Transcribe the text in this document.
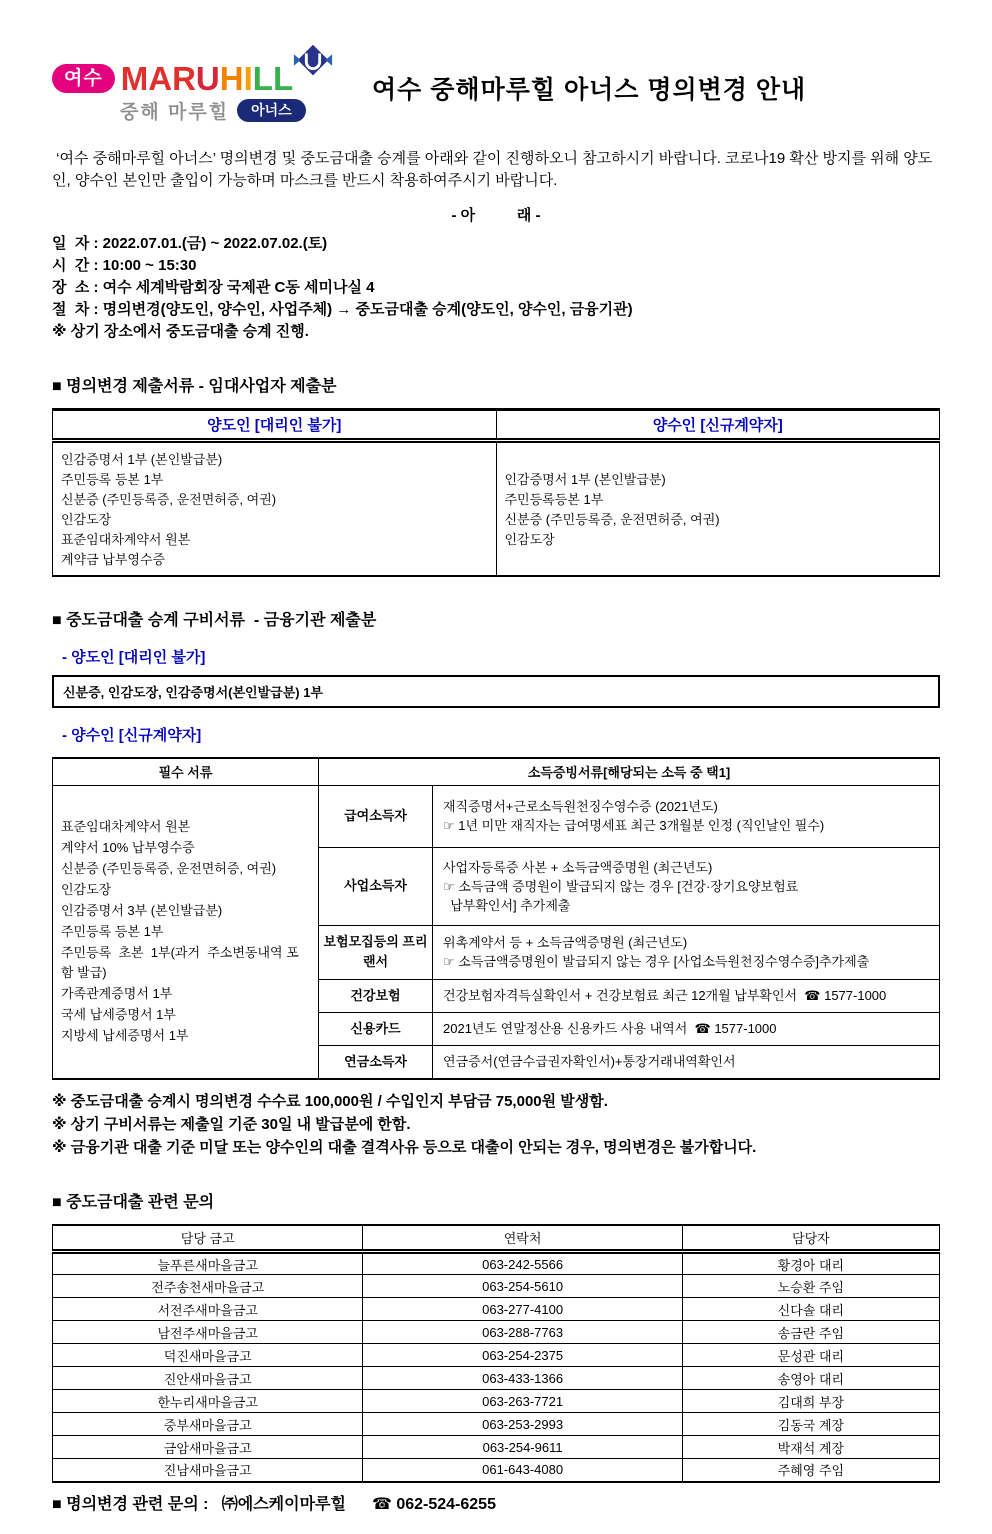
여수 MARUHILL
중해 마루힐	아너스
여수 중해마루힐 아너스 명의변경 안내

‘여수 중해마루힐 아너스’ 명의변경 및 중도금대출 승계를 아래와 같이 진행하오니 참고하시기 바랍니다. 코로나19 확산 방지를 위해 양도인, 양수인 본인만 출입이 가능하며 마스크를 반드시 착용하여주시기 바랍니다.

- 아          래 -
일  자 : 2022.07.01.(금) ~ 2022.07.02.(토)
시  간 : 10:00 ~ 15:30
장  소 : 여수 세계박람회장 국제관 C동 세미나실 4
절  차 : 명의변경(양도인, 양수인, 사업주체) → 중도금대출 승계(양도인, 양수인, 금융기관)
※ 상기 장소에서 중도금대출 승계 진행.
■ 명의변경 제출서류 - 임대사업자 제출분
양도인 [대리인 불가]	양수인 [신규계약자]

인감증명서 1부 (본인발급분)
주민등록 등본 1부
신분증 (주민등록증, 운전면허증, 여권)
인감도장
표준임대차계약서 원본
계약금 납부영수증

인감증명서 1부 (본인발급분)
주민등록등본 1부
신분증 (주민등록증, 운전면허증, 여권)
인감도장
■ 중도금대출 승계 구비서류  - 금융기관 제출분
- 양도인 [대리인 불가]
신분증, 인감도장, 인감증명서(본인발급분) 1부
- 양수인 [신규계약자]
필수 서류	소득증빙서류[해당되는 소득 중 택1]	

표준임대차계약서 원본
계약서 10% 납부영수증
신분증 (주민등록증, 운전면허증, 여권)
인감도장
인감증명서 3부 (본인발급분)
주민등록 등본 1부
주민등록  초본  1부(과거  주소변동내역 포함 발급)
가족관계증명서 1부
국세 납세증명서 1부
지방세 납세증명서 1부
	급여소득자	
재직증명서+근로소득원천징수영수증 (2021년도)
☞ 1년 미만 재직자는 급여명세표 최근 3개월분 인정 (직인날인 필수)

	사업소득자	사업자등록증 사본 + 소득금액증명원 (최근년도)
☞ 소득금액 증명원이 발급되지 않는 경우 [건강·장기요양보험료
납부확인서] 추가제출

	보험모집등의 프리랜서	위촉계약서 등 + 소득금액증명원 (최근년도)
☞ 소득금액증명원이 발급되지 않는 경우 [사업소득원천징수영수증]추가제출

	건강보험	건강보험자격득실확인서 + 건강보험료 최근 12개월 납부확인서  ☎ 1577-1000

	신용카드	2021년도 연말정산용 신용카드 사용 내역서  ☎ 1577-1000

	연금소득자	연금증서(연금수급권자확인서)+통장거래내역확인서
※ 중도금대출 승계시 명의변경 수수료 100,000원 / 수입인지 부담금 75,000원 발생함.
※ 상기 구비서류는 제출일 기준 30일 내 발급분에 한함.
※ 금융기관 대출 기준 미달 또는 양수인의 대출 결격사유 등으로 대출이 안되는 경우, 명의변경은 불가합니다.
■ 중도금대출 관련 문의
담당 금고	연락처	담당자
늘푸른새마을금고	063-242-5566	황경아 대리
전주송천새마을금고	063-254-5610	노승환 주임
서전주새마을금고	063-277-4100	신다솔 대리
남전주새마을금고	063-288-7763	송금란 주임
덕진새마을금고	063-254-2375	문성관 대리
진안새마을금고	063-433-1366	송영아 대리
한누리새마을금고	063-263-7721	김대희 부장
중부새마을금고	063-253-2993	김동국 계장
금암새마을금고	063-254-9611	박재석 계장
진남새마을금고	061-643-4080	주혜영 주임
■ 명의변경 관련 문의 :   ㈜에스케이마루힐 ☎ 062-524-6255
